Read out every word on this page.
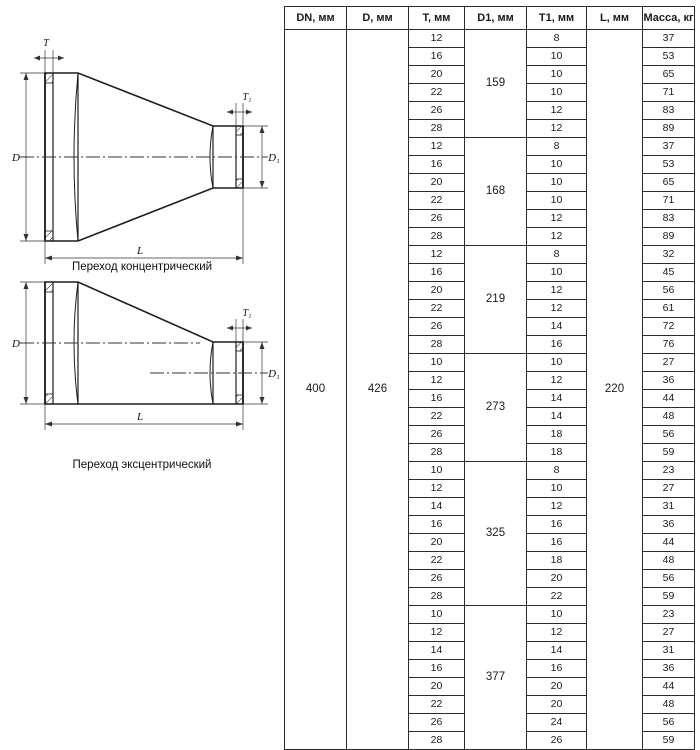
T
T₁
D	D₁
L
Переход концентрический
T₁
D
D₁
L
Переход эксцентрический
DN, мм	D, мм	T, мм	D1, мм	T1, мм	L, мм	Масса, кг
400	426	12	159	8	220	37
		16		10		53
		20		10		65
		22		10		71
		26		12		83
		28		12		89
		12	168	8		37
		16		10		53
		20		10		65
		22		10		71
		26		12		83
		28		12		89
		12	219	8		32
		16		10		45
		20		12		56
		22		12		61
		26		14		72
		28		16		76
		10	273	10		27
		12		12		36
		16		14		44
		22		14		48
		26		18		56
		28		18		59
		10	325	8		23
		12		10		27
		14		12		31
		16		16		36
		20		16		44
		22		18		48
		26		20		56
		28		22		59
		10	377	10		23
		12		12		27
		14		14		31
		16		16		36
		20		20		44
		22		20		48
		26		24		56
		28		26		59
